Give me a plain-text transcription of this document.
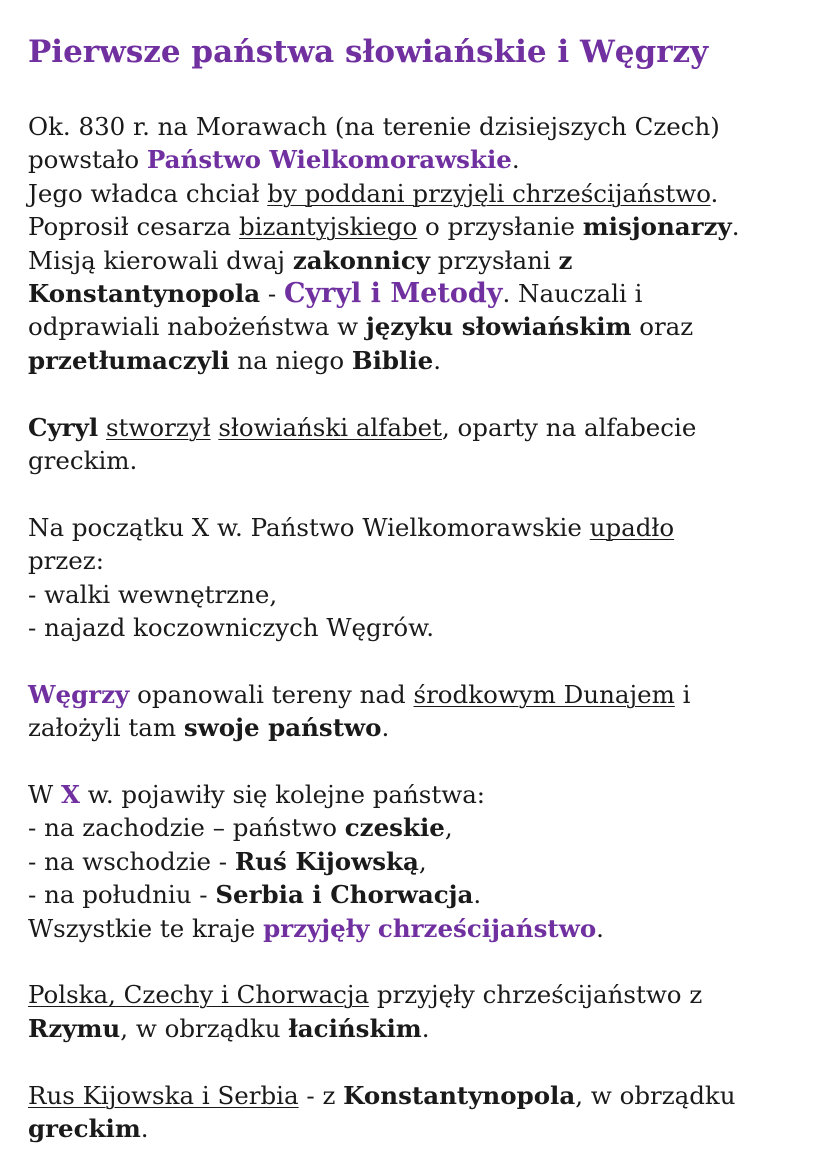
Pierwsze państwa słowiańskie i Węgrzy
Ok. 830 r. na Morawach (na terenie dzisiejszych Czech)
powstało Państwo Wielkomorawskie.
Jego władca chciał by poddani przyjęli chrześcijaństwo.
Poprosił cesarza bizantyjskiego o przysłanie misjonarzy.
Misją kierowali dwaj zakonnicy przysłani z
Konstantynopola - Cyryl i Metody. Nauczali i
odprawiali nabożeństwa w języku słowiańskim oraz
przetłumaczyli na niego Biblie.
Cyryl stworzył słowiański alfabet, oparty na alfabecie
greckim.
Na początku X w. Państwo Wielkomorawskie upadło
przez:
- walki wewnętrzne,
- najazd koczowniczych Węgrów.
Węgrzy opanowali tereny nad środkowym Dunajem i
założyli tam swoje państwo.
W X w. pojawiły się kolejne państwa:
- na zachodzie – państwo czeskie,
- na wschodzie - Ruś Kijowską,
- na południu - Serbia i Chorwacja.
Wszystkie te kraje przyjęły chrześcijaństwo.
Polska, Czechy i Chorwacja przyjęły chrześcijaństwo z
Rzymu, w obrządku łacińskim.
Rus Kijowska i Serbia - z Konstantynopola, w obrządku
greckim.
